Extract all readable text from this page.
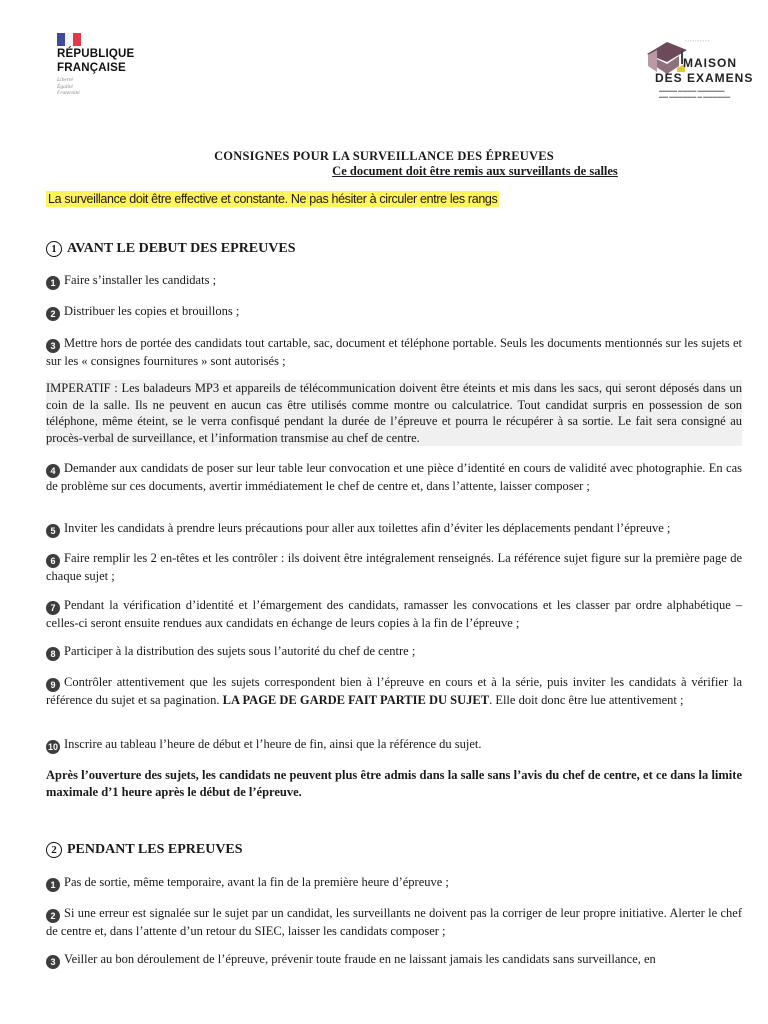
RÉPUBLIQUE
FRANÇAISE
Liberté
Égalité
Fraternité
▪ ▪ ▪ ▪ ▪ ▪ ▪ ▪ ▪ ▪
MAISON
DES EXAMENS
▬▬▬▬ ▬▬▬▬ ▬▬▬▬▬▬
▬▬ ▬▬▬▬▬▬ ▬ ▬▬▬▬▬▬
CONSIGNES POUR LA SURVEILLANCE DES ÉPREUVES
Ce document doit être remis aux surveillants de salles
La surveillance doit être effective et constante. Ne pas hésiter à circuler entre les rangs
1 AVANT LE DEBUT DES EPREUVES
1 Faire s’installer les candidats ;
2 Distribuer les copies et brouillons ;
3 Mettre hors de portée des candidats tout cartable, sac, document et téléphone portable. Seuls les documents mentionnés sur les sujets et sur les « consignes fournitures » sont autorisés ;
IMPERATIF : Les baladeurs MP3 et appareils de télécommunication doivent être éteints et mis dans les sacs, qui seront déposés dans un coin de la salle. Ils ne peuvent en aucun cas être utilisés comme montre ou calculatrice. Tout candidat surpris en possession de son téléphone, même éteint, se le verra confisqué pendant la durée de l’épreuve et pourra le récupérer à sa sortie. Le fait sera consigné au procès-verbal de surveillance, et l’information transmise au chef de centre.
4 Demander aux candidats de poser sur leur table leur convocation et une pièce d’identité en cours de validité avec photographie. En cas de problème sur ces documents, avertir immédiatement le chef de centre et, dans l’attente, laisser composer ;
5 Inviter les candidats à prendre leurs précautions pour aller aux toilettes afin d’éviter les déplacements pendant l’épreuve ;
6 Faire remplir les 2 en-têtes et les contrôler : ils doivent être intégralement renseignés. La référence sujet figure sur la première page de chaque sujet ;
7 Pendant la vérification d’identité et l’émargement des candidats, ramasser les convocations et les classer par ordre alphabétique – celles-ci seront ensuite rendues aux candidats en échange de leurs copies à la fin de l’épreuve ;
8 Participer à la distribution des sujets sous l’autorité du chef de centre ;
9 Contrôler attentivement que les sujets correspondent bien à l’épreuve en cours et à la série, puis inviter les candidats à vérifier la référence du sujet et sa pagination. LA PAGE DE GARDE FAIT PARTIE DU SUJET. Elle doit donc être lue attentivement ;
10 Inscrire au tableau l’heure de début et l’heure de fin, ainsi que la référence du sujet.
Après l’ouverture des sujets, les candidats ne peuvent plus être admis dans la salle sans l’avis du chef de centre, et ce dans la limite maximale d’1 heure après le début de l’épreuve.
2 PENDANT LES EPREUVES
1 Pas de sortie, même temporaire, avant la fin de la première heure d’épreuve ;
2 Si une erreur est signalée sur le sujet par un candidat, les surveillants ne doivent pas la corriger de leur propre initiative. Alerter le chef de centre et, dans l’attente d’un retour du SIEC, laisser les candidats composer ;
3 Veiller au bon déroulement de l’épreuve, prévenir toute fraude en ne laissant jamais les candidats sans surveillance, en
